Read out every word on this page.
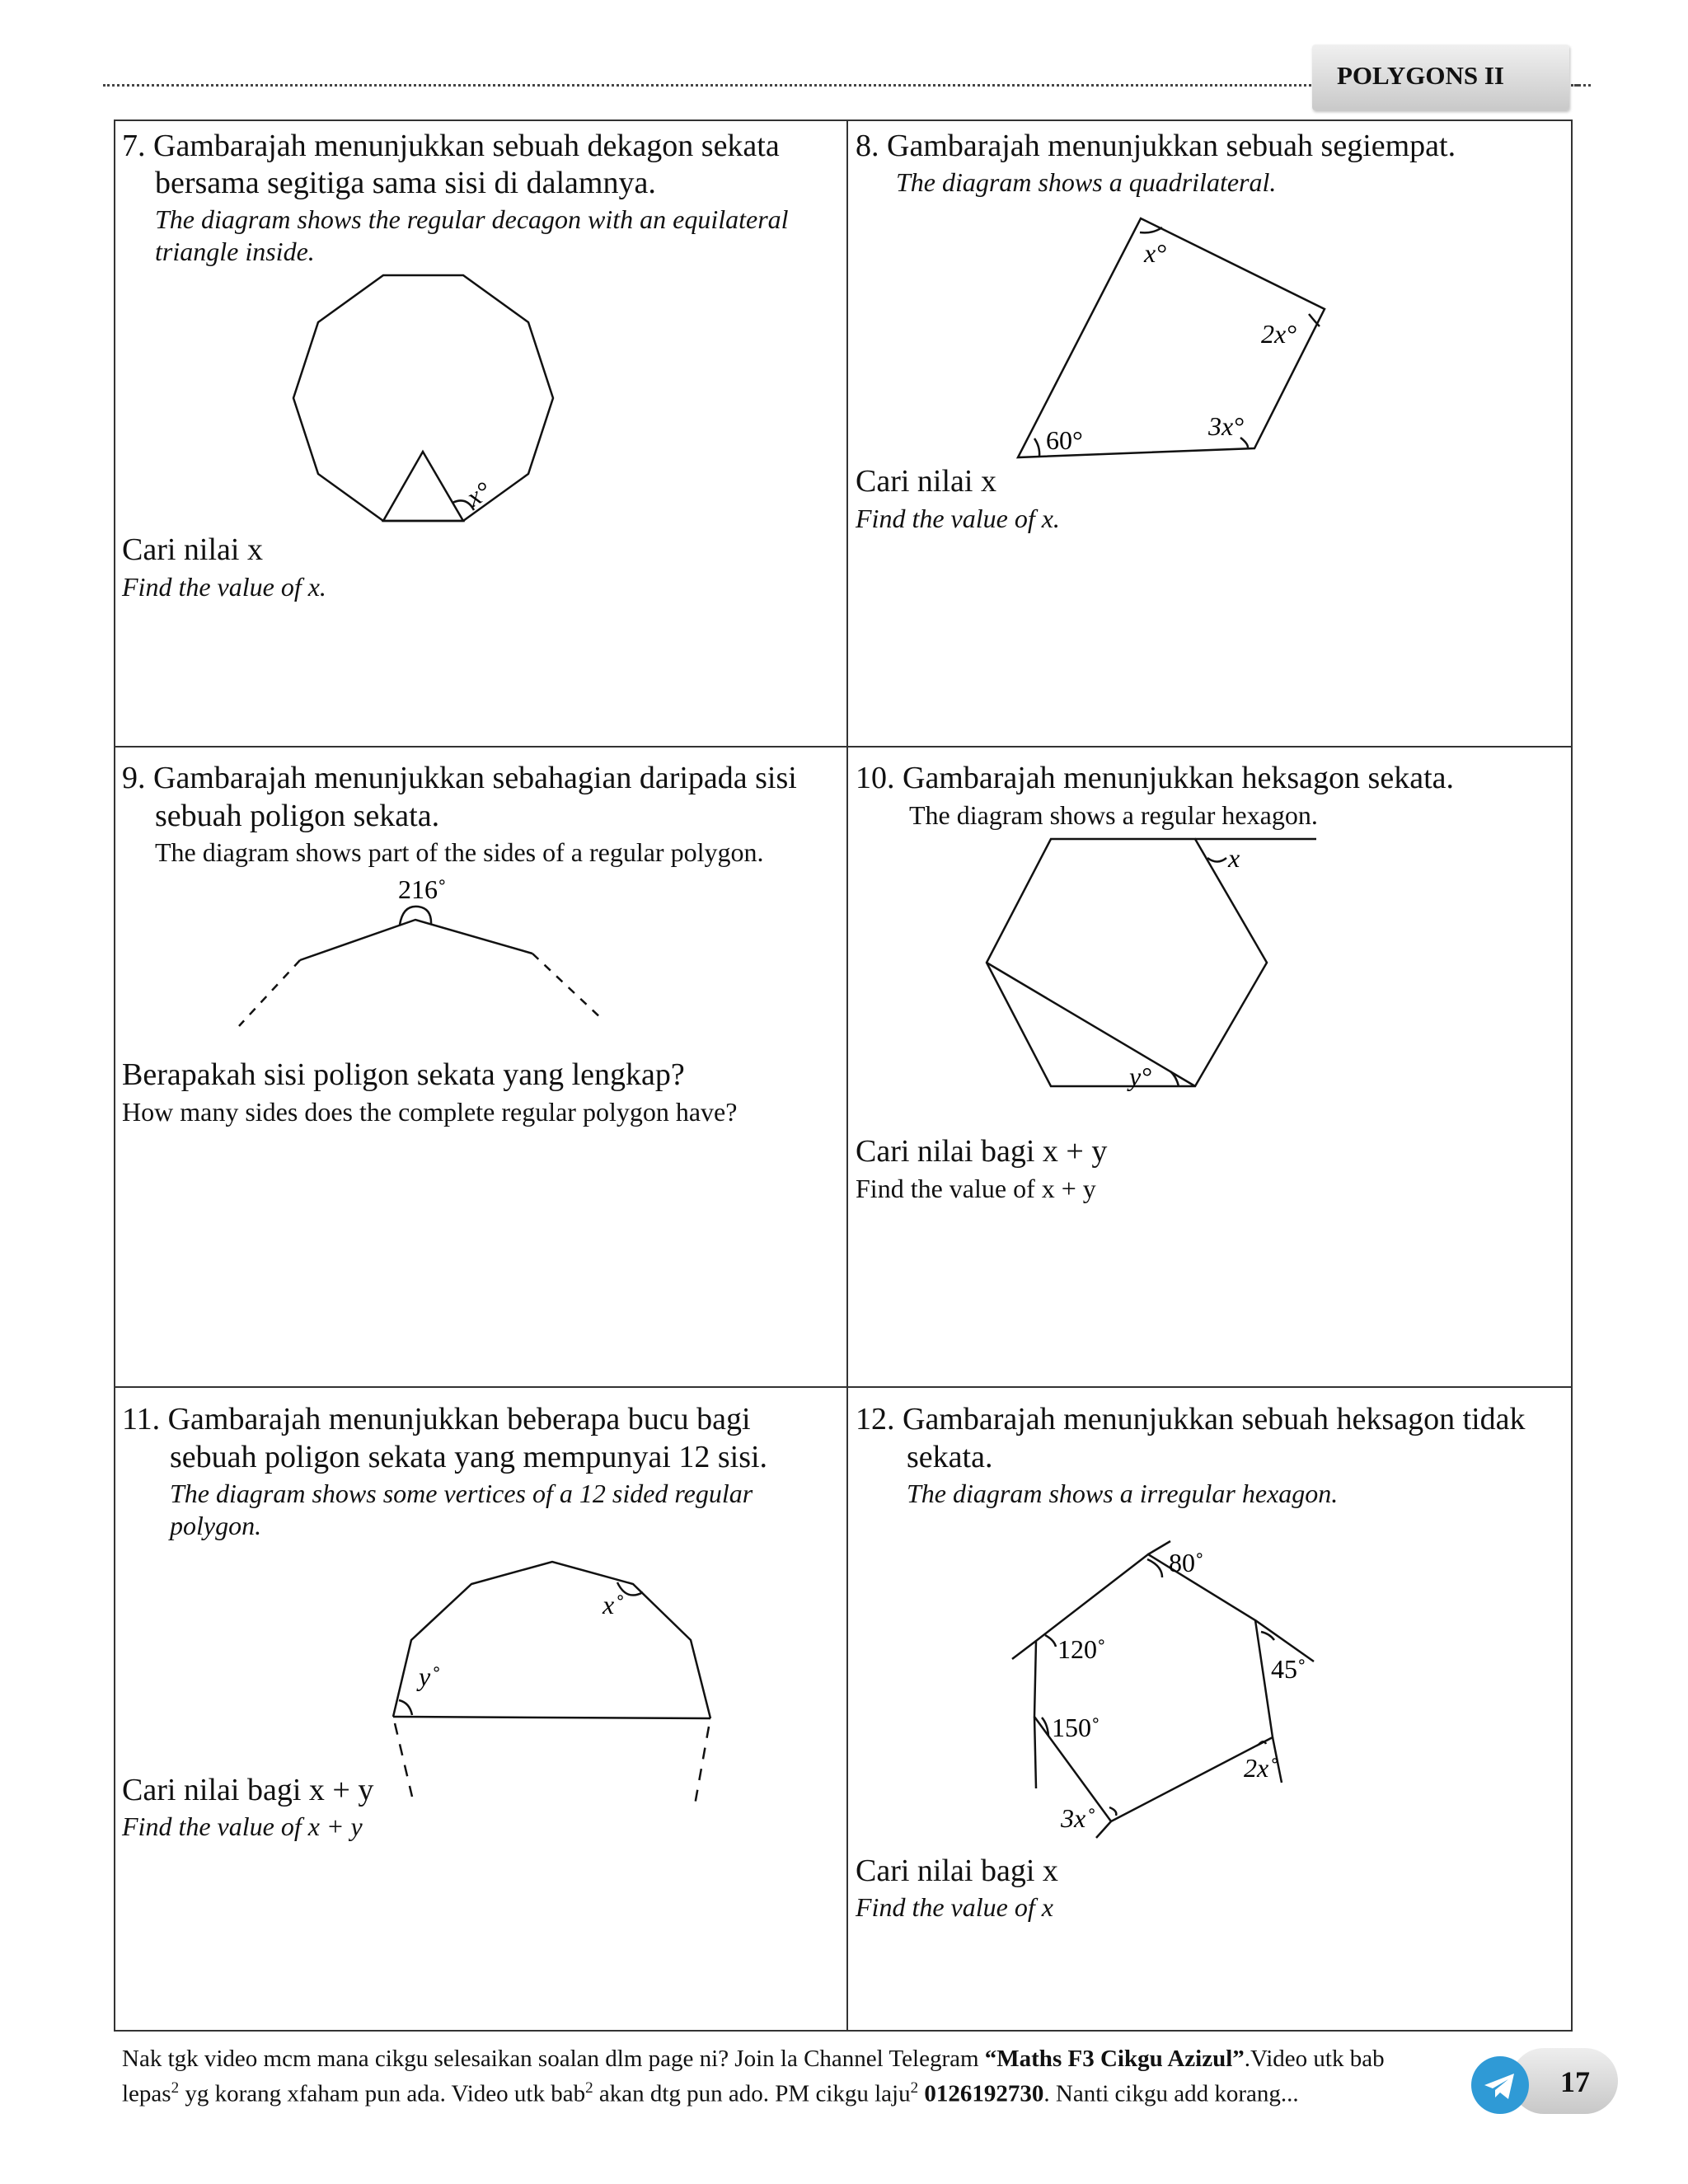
POLYGONS II
7. Gambarajah menunjukkan sebuah dekagon sekata
bersama segitiga sama sisi di dalamnya.
The diagram shows the regular decagon with an equilateral
triangle inside.
x°
x°
2x°
3x°
60°
216˚
x
y°
x˚
y˚
80˚
120˚
45˚
150˚
2x˚
3x˚
Cari nilai x
Find the value of x.
8. Gambarajah menunjukkan sebuah segiempat.
The diagram shows a quadrilateral.
Cari nilai x
Find the value of x.
9. Gambarajah menunjukkan sebahagian daripada sisi
sebuah poligon sekata.
The diagram shows part of the sides of a regular polygon.
Berapakah sisi poligon sekata yang lengkap?
How many sides does the complete regular polygon have?
10. Gambarajah menunjukkan heksagon sekata.
The diagram shows a regular hexagon.
Cari nilai bagi x + y
Find the value of x + y
11. Gambarajah menunjukkan beberapa bucu bagi
sebuah poligon sekata yang mempunyai 12 sisi.
The diagram shows some vertices of a 12 sided regular
polygon.
Cari nilai bagi x + y
Find the value of x + y
12. Gambarajah menunjukkan sebuah heksagon tidak
sekata.
The diagram shows a irregular hexagon.
Cari nilai bagi x
Find the value of x
Nak tgk video mcm mana cikgu selesaikan soalan dlm page ni? Join la Channel Telegram “Maths F3 Cikgu Azizul”.Video utk bab
lepas$^2$ yg korang xfaham pun ada. Video utk bab$^2$ akan dtg pun ado. PM cikgu laju$^2$ 0126192730. Nanti cikgu add korang...	17
